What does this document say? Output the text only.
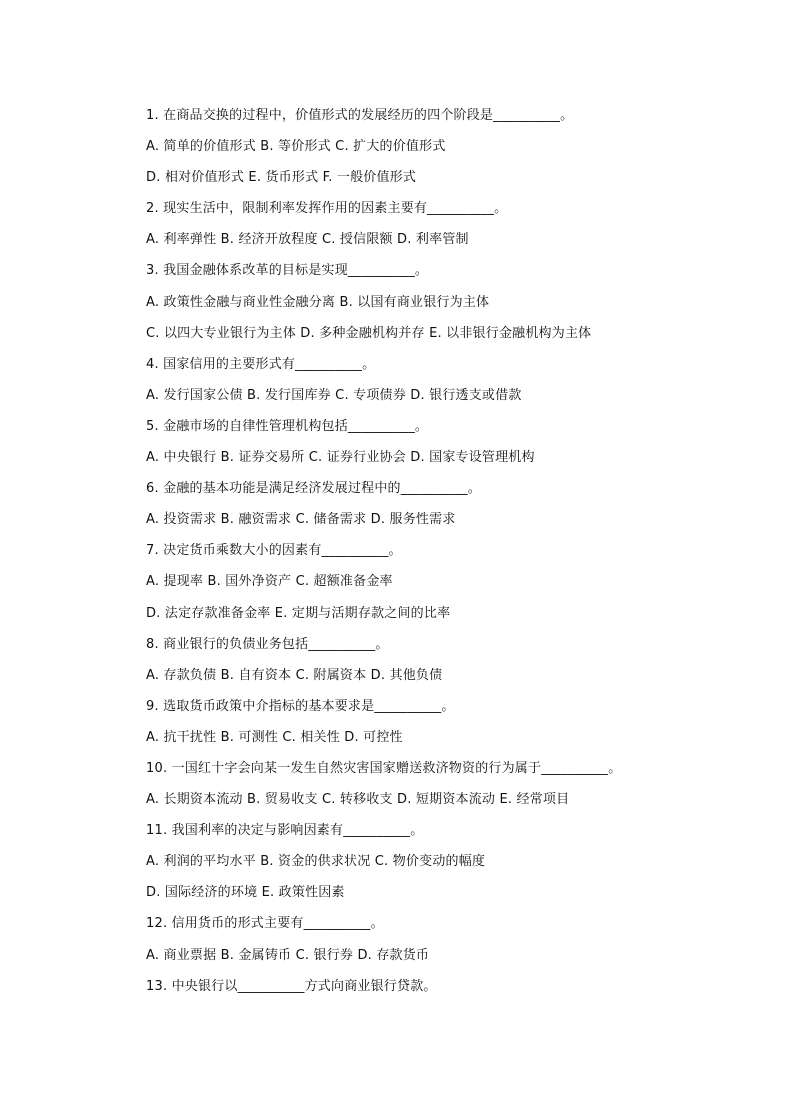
1. 在商品交换的过程中，价值形式的发展经历的四个阶段是__________。
A. 简单的价值形式 B. 等价形式 C. 扩大的价值形式
D. 相对价值形式 E. 货币形式 F. 一般价值形式
2. 现实生活中，限制利率发挥作用的因素主要有__________。
A. 利率弹性 B. 经济开放程度 C. 授信限额 D. 利率管制
3. 我国金融体系改革的目标是实现__________。
A. 政策性金融与商业性金融分离 B. 以国有商业银行为主体
C. 以四大专业银行为主体 D. 多种金融机构并存 E. 以非银行金融机构为主体
4. 国家信用的主要形式有__________。
A. 发行国家公债 B. 发行国库券 C. 专项债券 D. 银行透支或借款
5. 金融市场的自律性管理机构包括__________。
A. 中央银行 B. 证券交易所 C. 证券行业协会 D. 国家专设管理机构
6. 金融的基本功能是满足经济发展过程中的__________。
A. 投资需求 B. 融资需求 C. 储备需求 D. 服务性需求
7. 决定货币乘数大小的因素有__________。
A. 提现率 B. 国外净资产 C. 超额准备金率
D. 法定存款准备金率 E. 定期与活期存款之间的比率
8. 商业银行的负债业务包括__________。
A. 存款负债 B. 自有资本 C. 附属资本 D. 其他负债
9. 选取货币政策中介指标的基本要求是__________。
A. 抗干扰性 B. 可测性 C. 相关性 D. 可控性
10. 一国红十字会向某一发生自然灾害国家赠送救济物资的行为属于__________。
A. 长期资本流动 B. 贸易收支 C. 转移收支 D. 短期资本流动 E. 经常项目
11. 我国利率的决定与影响因素有__________。
A. 利润的平均水平 B. 资金的供求状况 C. 物价变动的幅度
D. 国际经济的环境 E. 政策性因素
12. 信用货币的形式主要有__________。
A. 商业票据 B. 金属铸币 C. 银行券 D. 存款货币
13. 中央银行以__________方式向商业银行贷款。
